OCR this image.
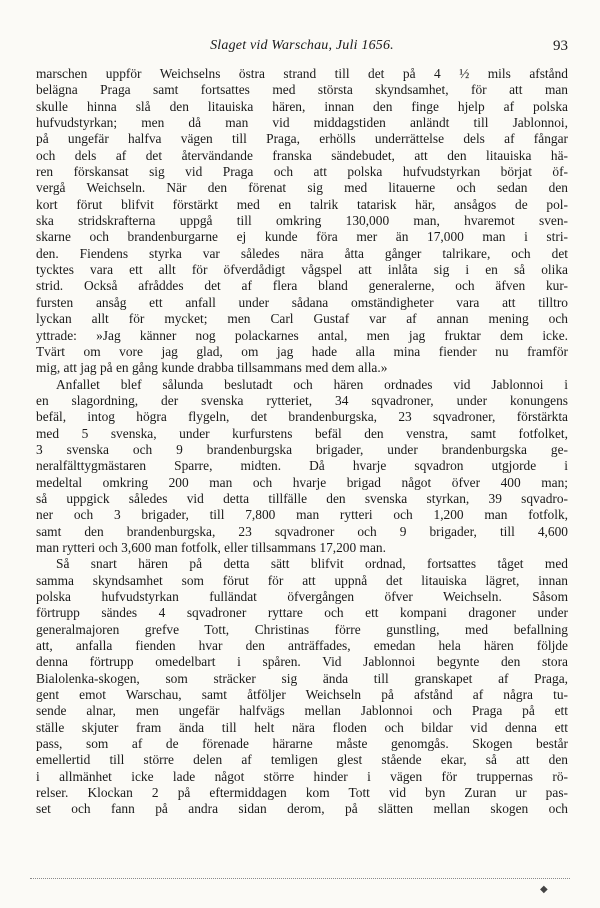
Slaget vid Warschau, Juli 1656.	93
marschen uppför Weichselns östra strand till det på 4 ½ mils afstånd
belägna Praga samt fortsattes med största skyndsamhet, för att man
skulle hinna slå den litauiska hären, innan den finge hjelp af polska
hufvudstyrkan; men då man vid middagstiden anländt till Jablonnoi,
på ungefär halfva vägen till Praga, erhölls underrättelse dels af fångar
och dels af det återvändande franska sändebudet, att den litauiska hä-
ren förskansat sig vid Praga och att polska hufvudstyrkan börjat öf-
vergå Weichseln. När den förenat sig med litauerne och sedan den
kort förut blifvit förstärkt med en talrik tatarisk här, ansågos de pol-
ska stridskrafterna uppgå till omkring 130,000 man, hvaremot sven-
skarne och brandenburgarne ej kunde föra mer än 17,000 man i stri-
den. Fiendens styrka var således nära åtta gånger talrikare, och det
tycktes vara ett allt för öfverdådigt vågspel att inlåta sig i en så olika
strid. Också afråddes det af flera bland generalerne, och äfven kur-
fursten ansåg ett anfall under sådana omständigheter vara att tilltro
lyckan allt för mycket; men Carl Gustaf var af annan mening och
yttrade: »Jag känner nog polackarnes antal, men jag fruktar dem icke.
Tvärt om vore jag glad, om jag hade alla mina fiender nu framför
mig, att jag på en gång kunde drabba tillsammans med dem alla.»
Anfallet blef sålunda beslutadt och hären ordnades vid Jablonnoi i
en slagordning, der svenska rytteriet, 34 sqvadroner, under konungens
befäl, intog högra flygeln, det brandenburgska, 23 sqvadroner, förstärkta
med 5 svenska, under kurfurstens befäl den venstra, samt fotfolket,
3 svenska och 9 brandenburgska brigader, under brandenburgska ge-
neralfälttygmästaren Sparre, midten. Då hvarje sqvadron utgjorde i
medeltal omkring 200 man och hvarje brigad något öfver 400 man;
så uppgick således vid detta tillfälle den svenska styrkan, 39 sqvadro-
ner och 3 brigader, till 7,800 man rytteri och 1,200 man fotfolk,
samt den brandenburgska, 23 sqvadroner och 9 brigader, till 4,600
man rytteri och 3,600 man fotfolk, eller tillsammans 17,200 man.
Så snart hären på detta sätt blifvit ordnad, fortsattes tåget med
samma skyndsamhet som förut för att uppnå det litauiska lägret, innan
polska hufvudstyrkan fulländat öfvergången öfver Weichseln. Såsom
förtrupp sändes 4 sqvadroner ryttare och ett kompani dragoner under
generalmajoren grefve Tott, Christinas förre gunstling, med befallning
att, anfalla fienden hvar den anträffades, emedan hela hären följde
denna förtrupp omedelbart i spåren. Vid Jablonnoi begynte den stora
Bialolenka-skogen, som sträcker sig ända till granskapet af Praga,
gent emot Warschau, samt åtföljer Weichseln på afstånd af några tu-
sende alnar, men ungefär halfvägs mellan Jablonnoi och Praga på ett
ställe skjuter fram ända till helt nära floden och bildar vid denna ett
pass, som af de förenade härarne måste genomgås. Skogen består
emellertid till större delen af temligen glest stående ekar, så att den
i allmänhet icke lade något större hinder i vägen för truppernas rö-
relser. Klockan 2 på eftermiddagen kom Tott vid byn Zuran ur pas-
set och fann på andra sidan derom, på slätten mellan skogen och
◆
